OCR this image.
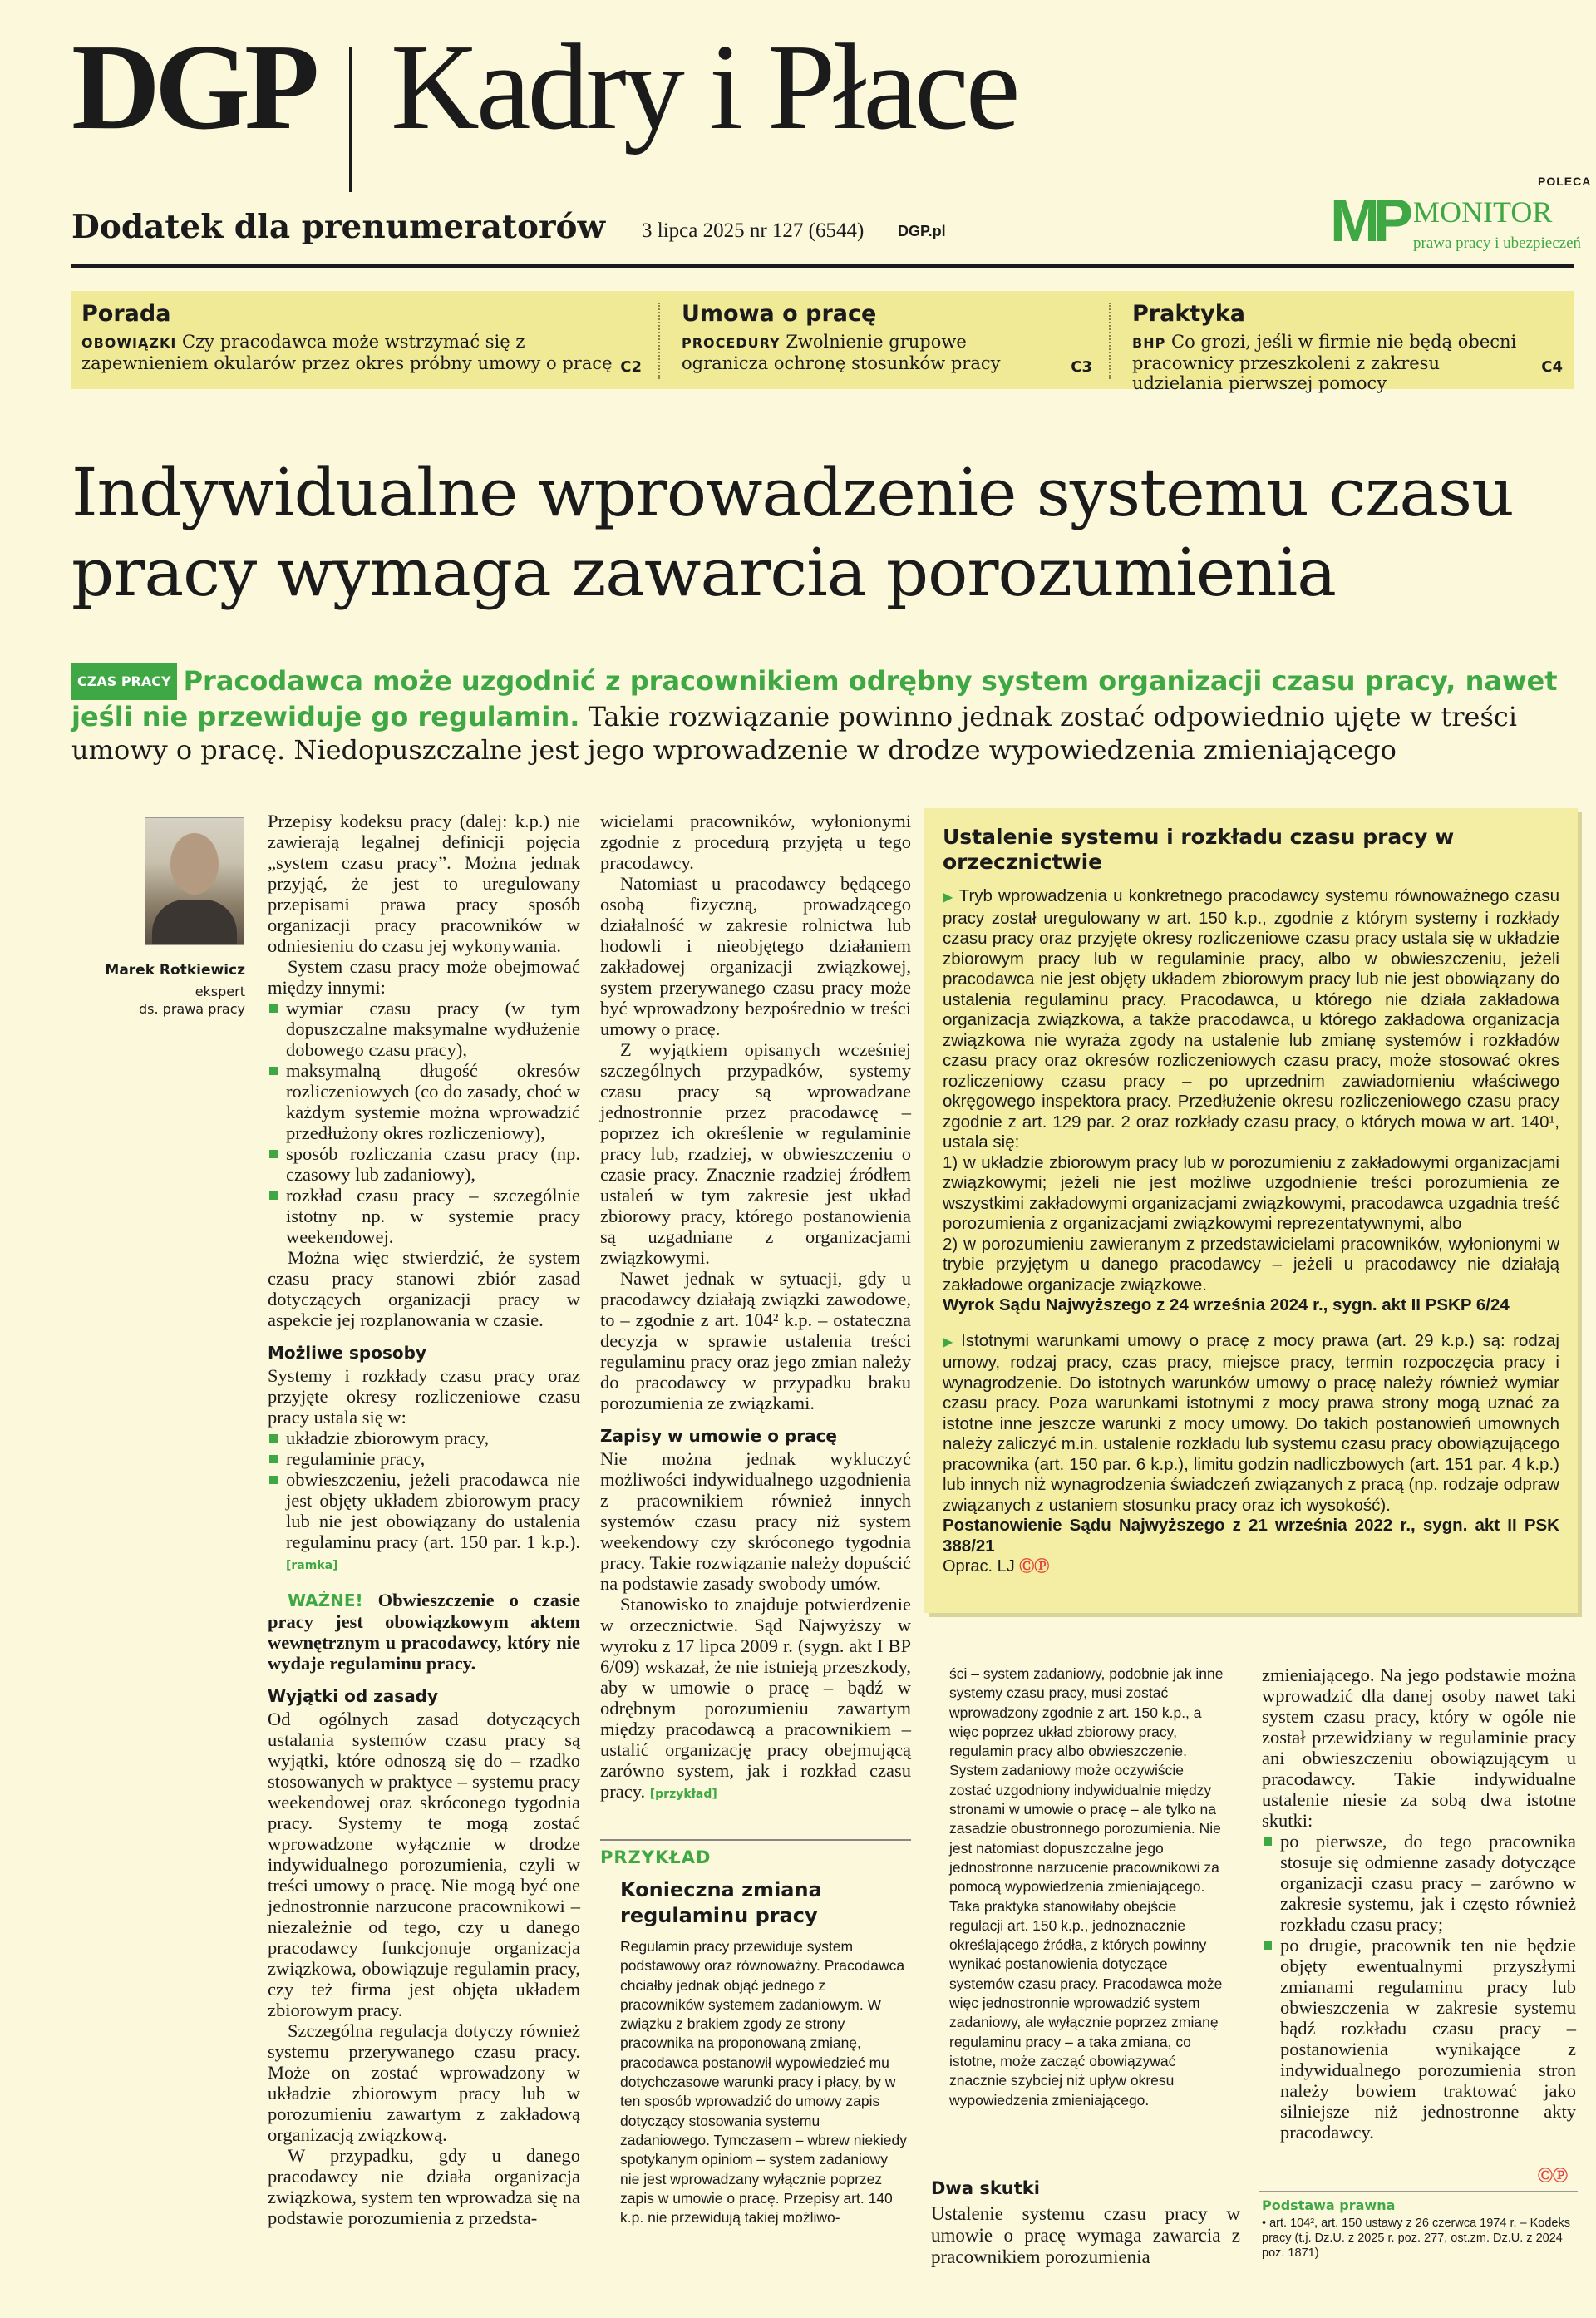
DGP Kadry i Płace
Dodatek dla prenumeratorów 3 lipca 2025 nr 127 (6544) DGP.pl
POLECA
MP MONITOR
prawa pracy i ubezpieczeń
Porada
OBOWIĄZKI Czy pracodawca może wstrzymać się z zapewnieniem okularów przez okres próbny umowy o pracę C2
Umowa o pracę
PROCEDURY Zwolnienie grupowe ogranicza ochronę stosunków pracy	C3
Praktyka
BHP Co grozi, jeśli w firmie nie będą obecni pracownicy przeszkoleni z zakresu udzielania pierwszej pomocy
C4
Indywidualne wprowadzenie systemu czasu pracy wymaga zawarcia porozumienia
CZAS PRACY Pracodawca może uzgodnić z pracownikiem odrębny system organizacji czasu pracy, nawet jeśli nie przewiduje go regulamin. Takie rozwiązanie powinno jednak zostać odpowiednio ujęte w treści umowy o pracę. Niedopuszczalne jest jego wprowadzenie w drodze wypowiedzenia zmieniającego
Marek Rotkiewicz
ekspert
ds. prawa pracy

Przepisy kodeksu pracy (dalej: k.p.) nie zawierają legalnej definicji pojęcia „system czasu pracy”. Można jednak przyjąć, że jest to uregulowany przepisami prawa pracy sposób organizacji pracy pracowników w odniesieniu do czasu jej wykonywania.

System czasu pracy może obejmować między innymi:

wymiar czasu pracy (w tym dopuszczalne maksymalne wydłużenie dobowego czasu pracy),
maksymalną długość okresów rozliczeniowych (co do zasady, choć w każdym systemie można wprowadzić przedłużony okres rozliczeniowy),
sposób rozliczania czasu pracy (np. czasowy lub zadaniowy),
rozkład czasu pracy – szczególnie istotny np. w systemie pracy weekendowej.

Można więc stwierdzić, że system czasu pracy stanowi zbiór zasad dotyczących organizacji pracy w aspekcie jej rozplanowania w czasie.

Możliwe sposoby

Systemy i rozkłady czasu pracy oraz przyjęte okresy rozliczeniowe czasu pracy ustala się w:

układzie zbiorowym pracy,
regulaminie pracy,
obwieszczeniu, jeżeli pracodawca nie jest objęty układem zbiorowym pracy lub nie jest obowiązany do ustalenia regulaminu pracy (art. 150 par. 1 k.p.). [ramka]

WAŻNE! Obwieszczenie o czasie pracy jest obowiązkowym aktem wewnętrznym u pracodawcy, który nie wydaje regulaminu pracy.

Wyjątki od zasady

Od ogólnych zasad dotyczących ustalania systemów czasu pracy są wyjątki, które odnoszą się do – rzadko stosowanych w praktyce – systemu pracy weekendowej oraz skróconego tygodnia pracy. Systemy te mogą zostać wprowadzone wyłącznie w drodze indywidualnego porozumienia, czyli w treści umowy o pracę. Nie mogą być one jednostronnie narzucone pracownikowi – niezależnie od tego, czy u danego pracodawcy funkcjonuje organizacja związkowa, obowiązuje regulamin pracy, czy też firma jest objęta układem zbiorowym pracy.

Szczególna regulacja dotyczy również systemu przerywanego czasu pracy. Może on zostać wprowadzony w układzie zbiorowym pracy lub w porozumieniu zawartym z zakładową organizacją związkową.

W przypadku, gdy u danego pracodawcy nie działa organizacja związkowa, system ten wprowadza się na podstawie porozumienia z przedsta-

wicielami pracowników, wyłonionymi zgodnie z procedurą przyjętą u tego pracodawcy.

Natomiast u pracodawcy będącego osobą fizyczną, prowadzącego działalność w zakresie rolnictwa lub hodowli i nieobjętego działaniem zakładowej organizacji związkowej, system przerywanego czasu pracy może być wprowadzony bezpośrednio w treści umowy o pracę.

Z wyjątkiem opisanych wcześniej szczególnych przypadków, systemy czasu pracy są wprowadzane jednostronnie przez pracodawcę – poprzez ich określenie w regulaminie pracy lub, rzadziej, w obwieszczeniu o czasie pracy. Znacznie rzadziej źródłem ustaleń w tym zakresie jest układ zbiorowy pracy, którego postanowienia są uzgadniane z organizacjami związkowymi.

Nawet jednak w sytuacji, gdy u pracodawcy działają związki zawodowe, to – zgodnie z art. 104² k.p. – ostateczna decyzja w sprawie ustalenia treści regulaminu pracy oraz jego zmian należy do pracodawcy w przypadku braku porozumienia ze związkami.

Zapisy w umowie o pracę

Nie można jednak wykluczyć możliwości indywidualnego uzgodnienia z pracownikiem również innych systemów czasu pracy niż system weekendowy czy skróconego tygodnia pracy. Takie rozwiązanie należy dopuścić na podstawie zasady swobody umów.

Stanowisko to znajduje potwierdzenie w orzecznictwie. Sąd Najwyższy w wyroku z 17 lipca 2009 r. (sygn. akt I BP 6/09) wskazał, że nie istnieją przeszkody, aby w umowie o pracę – bądź w odrębnym porozumieniu zawartym między pracodawcą a pracownikiem – ustalić organizację pracy obejmującą zarówno system, jak i rozkład czasu pracy. [przykład]

Ustalenie systemu i rozkładu czasu pracy w orzecznictwie

▶ Tryb wprowadzenia u konkretnego pracodawcy systemu równoważnego czasu pracy został uregulowany w art. 150 k.p., zgodnie z którym systemy i rozkłady czasu pracy oraz przyjęte okresy rozliczeniowe czasu pracy ustala się w układzie zbiorowym pracy lub w regulaminie pracy, albo w obwieszczeniu, jeżeli pracodawca nie jest objęty układem zbiorowym pracy lub nie jest obowiązany do ustalenia regulaminu pracy. Pracodawca, u którego nie działa zakładowa organizacja związkowa, a także pracodawca, u którego zakładowa organizacja związkowa nie wyraża zgody na ustalenie lub zmianę systemów i rozkładów czasu pracy oraz okresów rozliczeniowych czasu pracy, może stosować okres rozliczeniowy czasu pracy – po uprzednim zawiadomieniu właściwego okręgowego inspektora pracy. Przedłużenie okresu rozliczeniowego czasu pracy zgodnie z art. 129 par. 2 oraz rozkłady czasu pracy, o których mowa w art. 140¹, ustala się:

1) w układzie zbiorowym pracy lub w porozumieniu z zakładowymi organizacjami związkowymi; jeżeli nie jest możliwe uzgodnienie treści porozumienia ze wszystkimi zakładowymi organizacjami związkowymi, pracodawca uzgadnia treść porozumienia z organizacjami związkowymi reprezentatywnymi, albo

2) w porozumieniu zawieranym z przedstawicielami pracowników, wyłonionymi w trybie przyjętym u danego pracodawcy – jeżeli u pracodawcy nie działają zakładowe organizacje związkowe.

Wyrok Sądu Najwyższego z 24 września 2024 r., sygn. akt II PSKP 6/24

▶ Istotnymi warunkami umowy o pracę z mocy prawa (art. 29 k.p.) są: rodzaj umowy, rodzaj pracy, czas pracy, miejsce pracy, termin rozpoczęcia pracy i wynagrodzenie. Do istotnych warunków umowy o pracę należy również wymiar czasu pracy. Poza warunkami istotnymi z mocy prawa strony mogą uznać za istotne inne jeszcze warunki z mocy umowy. Do takich postanowień umownych należy zaliczyć m.in. ustalenie rozkładu lub systemu czasu pracy obowiązującego pracownika (art. 150 par. 6 k.p.), limitu godzin nadliczbowych (art. 151 par. 4 k.p.) lub innych niż wynagrodzenia świadczeń związanych z pracą (np. rodzaje odpraw związanych z ustaniem stosunku pracy oraz ich wysokość).

Postanowienie Sądu Najwyższego z 21 września 2022 r., sygn. akt II PSK 388/21

Oprac. LJ ⒸⓅ

PRZYKŁAD
Konieczna zmiana regulaminu pracy

Regulamin pracy przewiduje system podstawowy oraz równoważny. Pracodawca chciałby jednak objąć jednego z pracowników systemem zadaniowym. W związku z brakiem zgody ze strony pracownika na proponowaną zmianę, pracodawca postanowił wypowiedzieć mu dotychczasowe warunki pracy i płacy, by w ten sposób wprowadzić do umowy zapis dotyczący stosowania systemu zadaniowego. Tymczasem – wbrew niekiedy spotykanym opiniom – system zadaniowy nie jest wprowadzany wyłącznie poprzez zapis w umowie o pracę. Przepisy art. 140 k.p. nie przewidują takiej możliwo-

ści – system zadaniowy, podobnie jak inne systemy czasu pracy, musi zostać wprowadzony zgodnie z art. 150 k.p., a więc poprzez układ zbiorowy pracy, regulamin pracy albo obwieszczenie. System zadaniowy może oczywiście zostać uzgodniony indywidualnie między stronami w umowie o pracę – ale tylko na zasadzie obustronnego porozumienia. Nie jest natomiast dopuszczalne jego jednostronne narzucenie pracownikowi za pomocą wypowiedzenia zmieniającego. Taka praktyka stanowiłaby obejście regulacji art. 150 k.p., jednoznacznie określającego źródła, z których powinny wynikać postanowienia dotyczące systemów czasu pracy. Pracodawca może więc jednostronnie wprowadzić system zadaniowy, ale wyłącznie poprzez zmianę regulaminu pracy – a taka zmiana, co istotne, może zacząć obowiązywać znacznie szybciej niż upływ okresu wypowiedzenia zmieniającego.

Dwa skutki
Ustalenie systemu czasu pracy w umowie o pracę wymaga zawarcia z pracownikiem porozumienia

zmieniającego. Na jego podstawie można wprowadzić dla danej osoby nawet taki system czasu pracy, który w ogóle nie został przewidziany w regulaminie pracy ani obwieszczeniu obowiązującym u pracodawcy. Takie indywidualne ustalenie niesie za sobą dwa istotne skutki:

po pierwsze, do tego pracownika stosuje się odmienne zasady dotyczące organizacji czasu pracy – zarówno w zakresie systemu, jak i często również rozkładu czasu pracy;
po drugie, pracownik ten nie będzie objęty ewentualnymi przyszłymi zmianami regulaminu pracy lub obwieszczenia w zakresie systemu bądź rozkładu czasu pracy – postanowienia wynikające z indywidualnego porozumienia stron należy bowiem traktować jako silniejsze niż jednostronne akty pracodawcy.
ⒸⓅ
Podstawa prawna
• art. 104², art. 150 ustawy z 26 czerwca 1974 r. – Kodeks pracy (t.j. Dz.U. z 2025 r. poz. 277, ost.zm. Dz.U. z 2024 poz. 1871)
